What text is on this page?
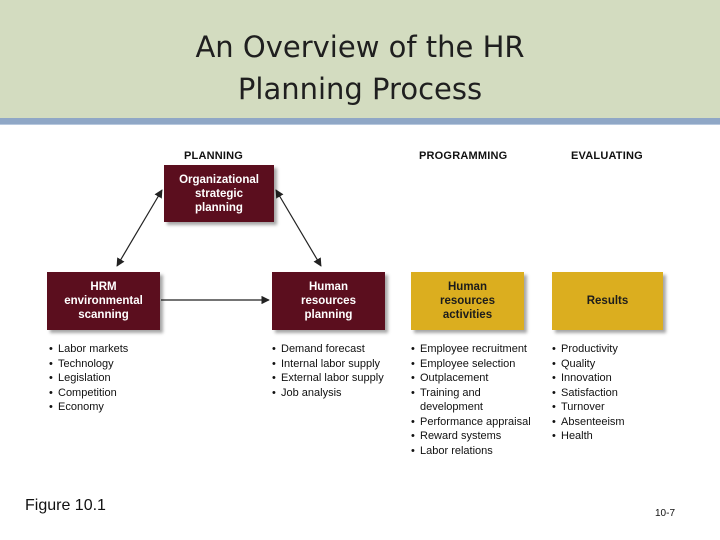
An Overview of the HR
Planning Process
PLANNING	PROGRAMMING	EVALUATING
Organizational
strategic
planning
HRM
environmental
scanning
Human
resources
planning
Human
resources
activities
Results
• Labor markets
• Technology
• Legislation
• Competition
• Economy
• Demand forecast
• Internal labor supply
• External labor supply
• Job analysis
• Employee recruitment
• Employee selection
• Outplacement
• Training and development
• Performance appraisal
• Reward systems
• Labor relations
• Productivity
• Quality
• Innovation
• Satisfaction
• Turnover
• Absenteeism
• Health
Figure 10.1	10-7
